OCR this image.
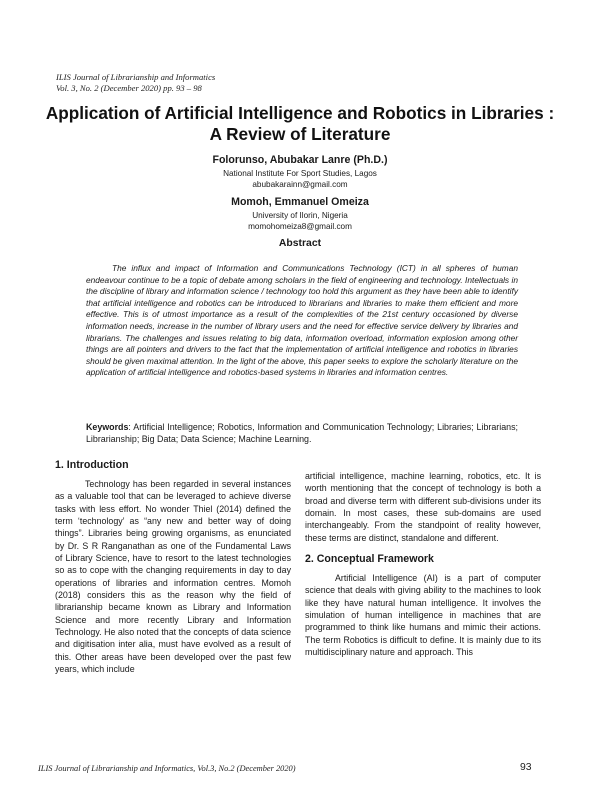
ILIS Journal of Librarianship and Informatics
Vol. 3, No. 2 (December 2020) pp. 93 – 98
Application of Artificial Intelligence and Robotics in Libraries : A Review of Literature
Folorunso, Abubakar Lanre (Ph.D.)
National Institute For Sport Studies, Lagos
abubakarainn@gmail.com
Momoh, Emmanuel Omeiza
University of Ilorin, Nigeria
momohomeiza8@gmail.com
Abstract

The influx and impact of Information and Communications Technology (ICT) in all spheres of human endeavour continue to be a topic of debate among scholars in the field of engineering and technology. Intellectuals in the discipline of library and information science / technology too hold this argument as they have been able to identify that artificial intelligence and robotics can be introduced to librarians and libraries to make them efficient and more effective. This is of utmost importance as a result of the complexities of the 21st century occasioned by diverse information needs, increase in the number of library users and the need for effective service delivery by libraries and librarians. The challenges and issues relating to big data, information overload, information explosion among other things are all pointers and drivers to the fact that the implementation of artificial intelligence and robotics in libraries should be given maximal attention. In the light of the above, this paper seeks to explore the scholarly literature on the application of artificial intelligence and robotics-based systems in libraries and information centres.

Keywords: Artificial Intelligence; Robotics, Information and Communication Technology; Libraries; Librarians; Librarianship; Big Data; Data Science; Machine Learning.

1. Introduction

Technology has been regarded in several instances as a valuable tool that can be leveraged to achieve diverse tasks with less effort. No wonder Thiel (2014) defined the term ‘technology’ as “any new and better way of doing things”. Libraries being growing organisms, as enunciated by Dr. S R Ranganathan as one of the Fundamental Laws of Library Science, have to resort to the latest technologies so as to cope with the changing requirements in day to day operations of libraries and information centres. Momoh (2018) considers this as the reason why the field of librarianship became known as Library and Information Science and more recently Library and Information Technology. He also noted that the concepts of data science and digitisation inter alia, must have evolved as a result of this. Other areas have been developed over the past few years, which include

artificial intelligence, machine learning, robotics, etc. It is worth mentioning that the concept of technology is both a broad and diverse term with different sub-divisions under its domain. In most cases, these sub-domains are used interchangeably. From the standpoint of reality however, these terms are distinct, standalone and different.

2. Conceptual Framework

Artificial Intelligence (AI) is a part of computer science that deals with giving ability to the machines to look like they have natural human intelligence. It involves the simulation of human intelligence in machines that are programmed to think like humans and mimic their actions. The term Robotics is difficult to define. It is mainly due to its multidisciplinary nature and approach. This

ILIS Journal of Librarianship and Informatics, Vol.3, No.2 (December 2020)	93
